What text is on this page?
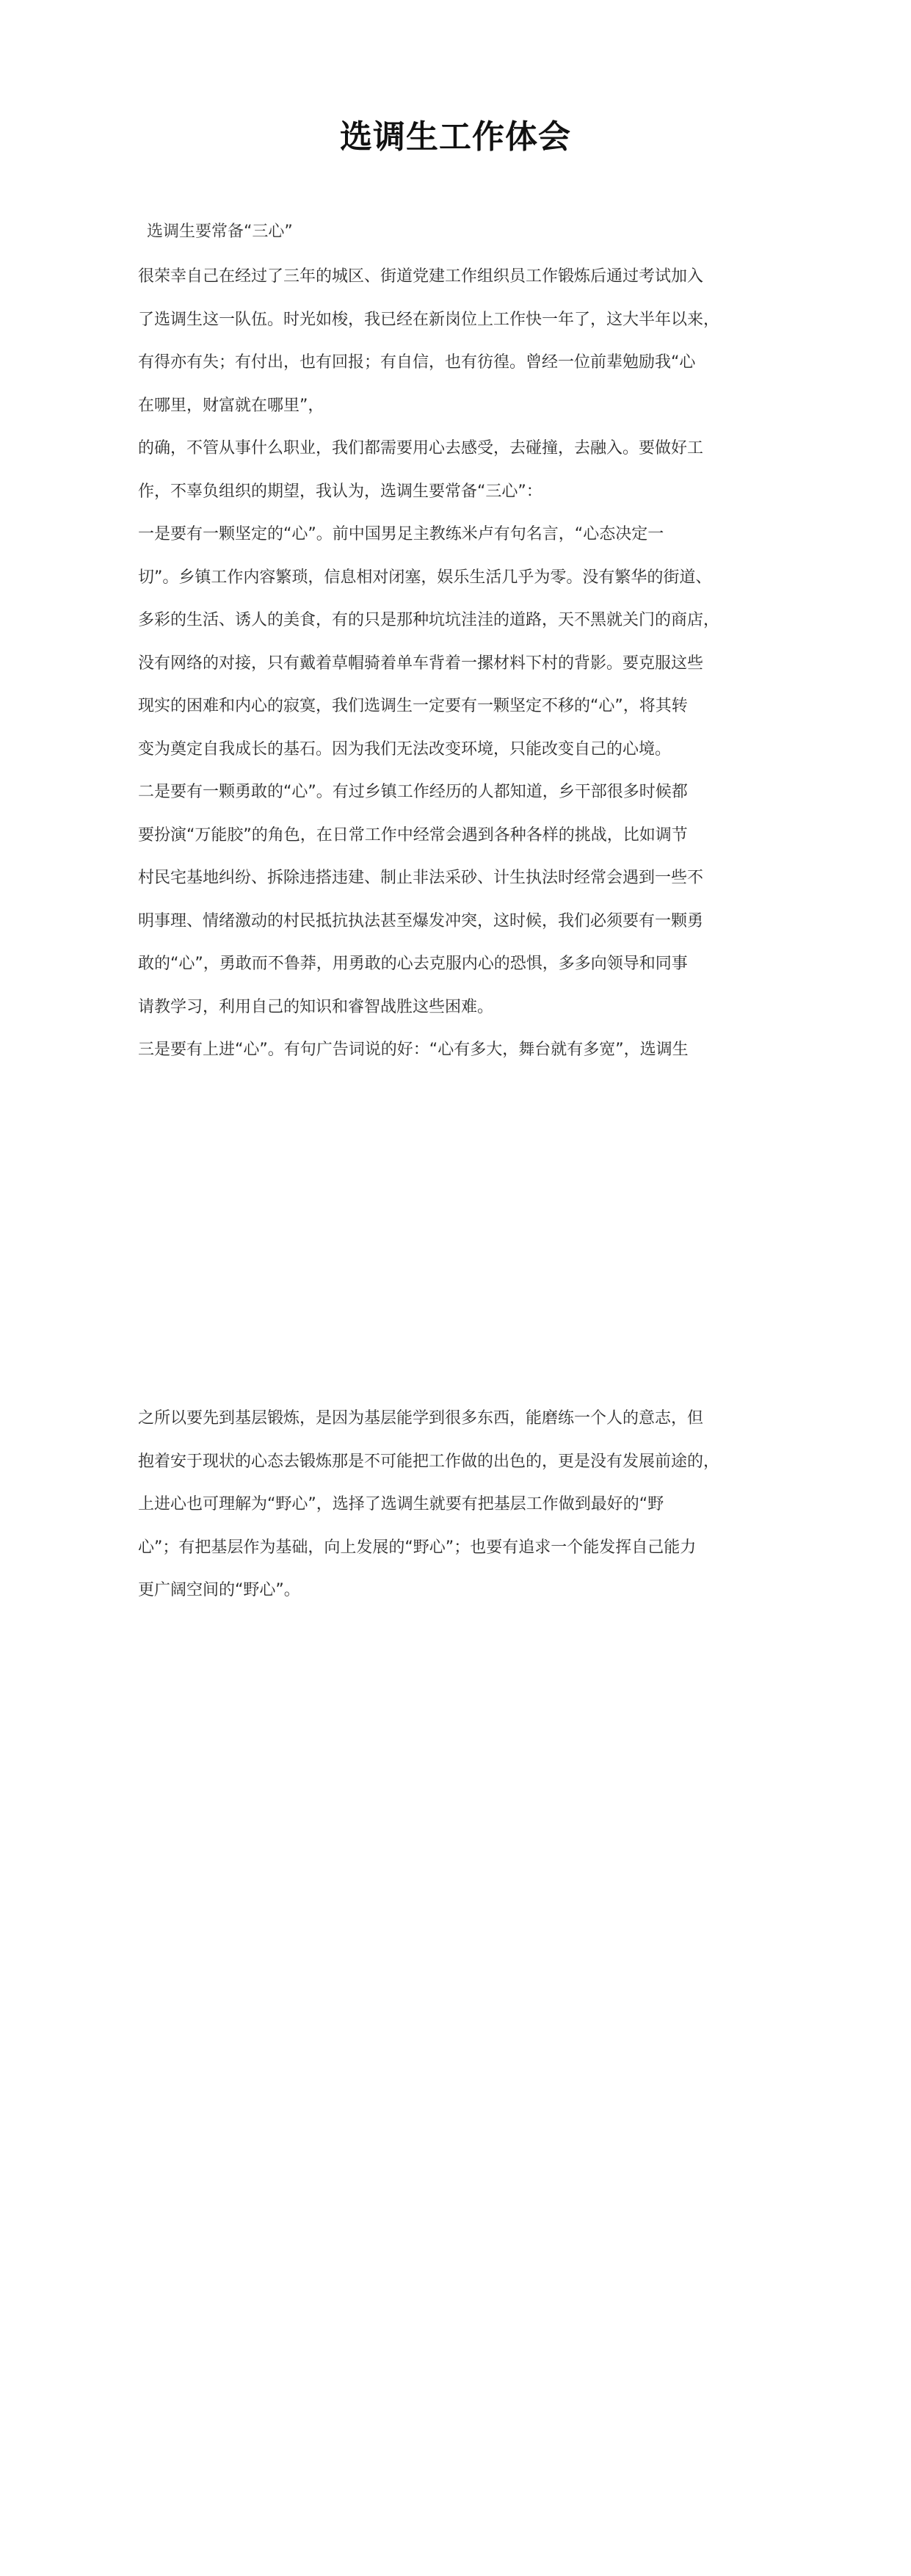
选调生工作体会
选调生要常备“三心”
很荣幸自己在经过了三年的城区、街道党建工作组织员工作锻炼后通过考试加入
了选调生这一队伍。时光如梭，我已经在新岗位上工作快一年了，这大半年以来，
有得亦有失；有付出，也有回报；有自信，也有彷徨。曾经一位前辈勉励我“心
在哪里，财富就在哪里”，
的确，不管从事什么职业，我们都需要用心去感受，去碰撞，去融入。要做好工
作，不辜负组织的期望，我认为，选调生要常备“三心”：
一是要有一颗坚定的“心”。前中国男足主教练米卢有句名言，“心态决定一
切”。乡镇工作内容繁琐，信息相对闭塞，娱乐生活几乎为零。没有繁华的街道、
多彩的生活、诱人的美食，有的只是那种坑坑洼洼的道路，天不黑就关门的商店，
没有网络的对接，只有戴着草帽骑着单车背着一摞材料下村的背影。要克服这些
现实的困难和内心的寂寞，我们选调生一定要有一颗坚定不移的“心”，将其转
变为奠定自我成长的基石。因为我们无法改变环境，只能改变自己的心境。
二是要有一颗勇敢的“心”。有过乡镇工作经历的人都知道，乡干部很多时候都
要扮演“万能胶”的角色，在日常工作中经常会遇到各种各样的挑战，比如调节
村民宅基地纠纷、拆除违搭违建、制止非法采砂、计生执法时经常会遇到一些不
明事理、情绪激动的村民抵抗执法甚至爆发冲突，这时候，我们必须要有一颗勇
敢的“心”，勇敢而不鲁莽，用勇敢的心去克服内心的恐惧，多多向领导和同事
请教学习，利用自己的知识和睿智战胜这些困难。
三是要有上进“心”。有句广告词说的好：“心有多大，舞台就有多宽”，选调生
之所以要先到基层锻炼，是因为基层能学到很多东西，能磨练一个人的意志，但
抱着安于现状的心态去锻炼那是不可能把工作做的出色的，更是没有发展前途的，
上进心也可理解为“野心”，选择了选调生就要有把基层工作做到最好的“野
心”；有把基层作为基础，向上发展的“野心”；也要有追求一个能发挥自己能力
更广阔空间的“野心”。
